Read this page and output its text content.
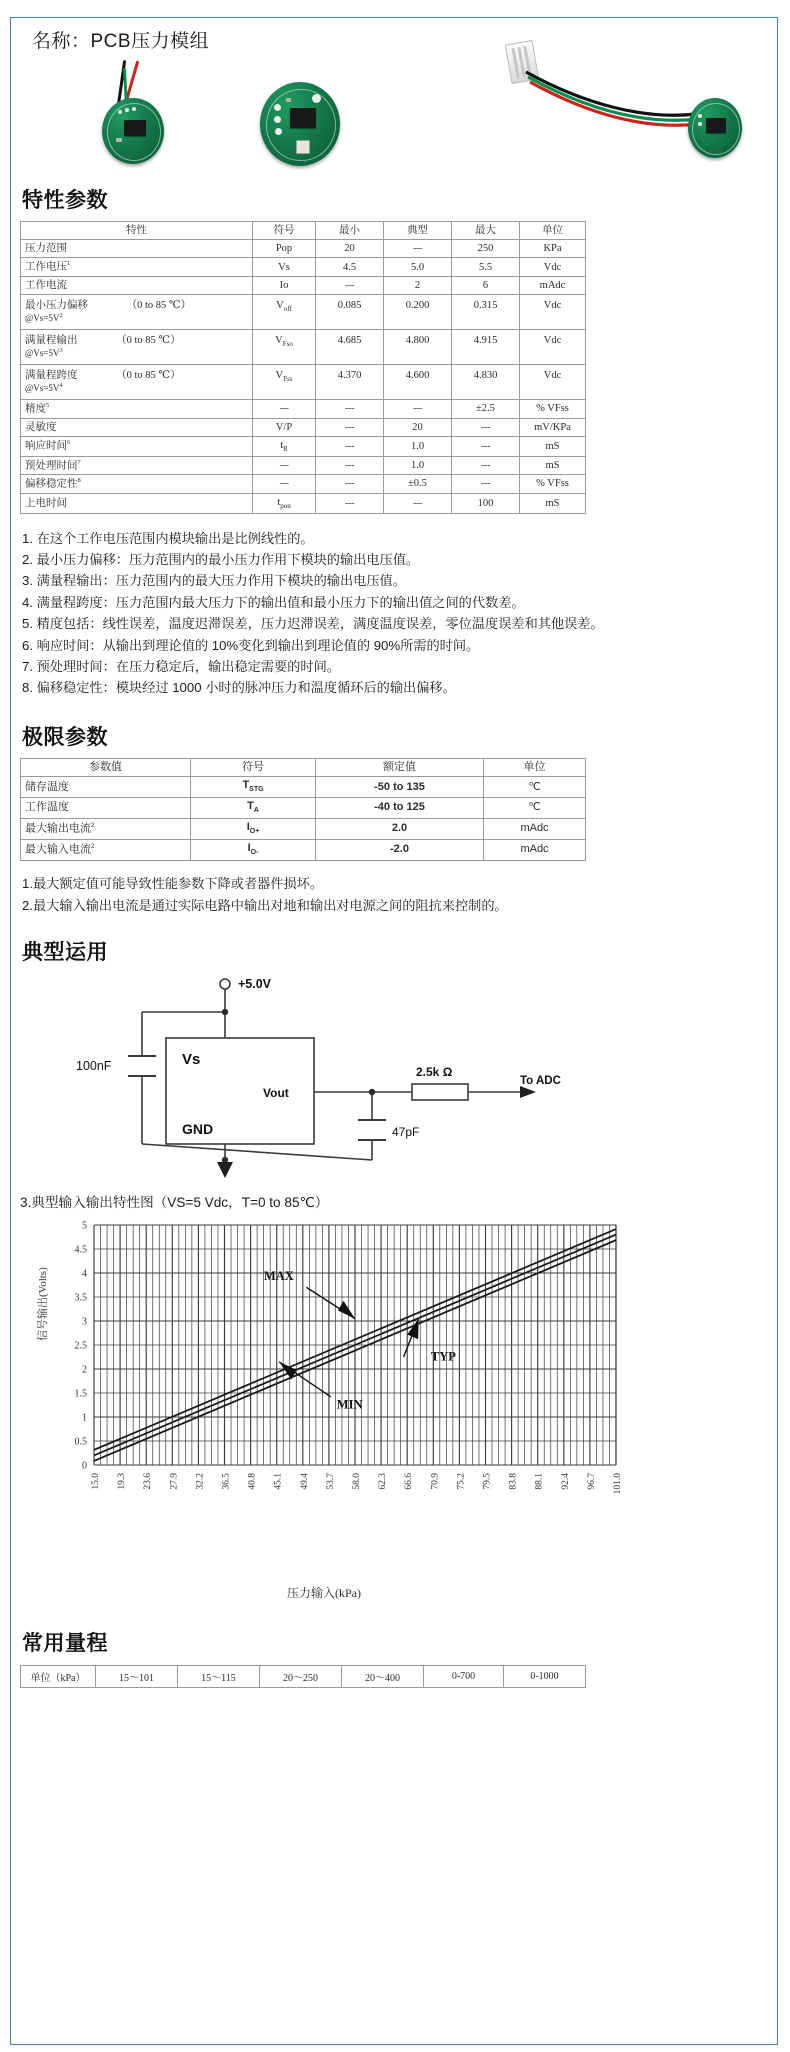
名称：PCB压力模组
特性参数
特性	符号	最小	典型	最大	单位
压力范围	Pop	20	---	250	KPa
工作电压$^1$	Vs	4.5	5.0	5.5	Vdc
工作电流	Io	---	2	6	mAdc
最小压力偏移 （0 to 85 ℃）
$@Vs=5V^2$	$V_{off}$	0.085	0.200	0.315	Vdc
满量程输出 （0 to 85 ℃）
$@Vs=5V^3$	$V_{Fso}$	4.685	4.800	4.915	Vdc
满量程跨度 （0 to 85 ℃）
$@Vs=5V^4$	$V_{Fss}$	4.370	4.600	4.830	Vdc
精度$^5$	---	---	---	±2.5	% VFss
灵敏度	V/P	---	20	---	mV/KPa
响应时间$^6$	$t_R$	---	1.0	---	mS
预处理时间$^7$	---	---	1.0	---	mS
偏移稳定性$^8$	---	---	±0.5	---	% VFss
上电时间	$t_{pon}$	---	---	100	mS

1. 在这个工作电压范围内模块输出是比例线性的。

2. 最小压力偏移：压力范围内的最小压力作用下模块的输出电压值。

3. 满量程输出：压力范围内的最大压力作用下模块的输出电压值。

4. 满量程跨度：压力范围内最大压力下的输出值和最小压力下的输出值之间的代数差。

5. 精度包括：线性误差，温度迟滞误差，压力迟滞误差，满度温度误差，零位温度误差和其他误差。

6. 响应时间：从输出到理论值的 10%变化到输出到理论值的 90%所需的时间。

7. 预处理时间：在压力稳定后，输出稳定需要的时间。

8. 偏移稳定性：模块经过 1000 小时的脉冲压力和温度循环后的输出偏移。

极限参数
参数值	符号	额定值	单位
储存温度	$T_{STG}$	-50 to 135	℃
工作温度	$T_A$	-40 to 125	℃
最大输出电流$^2$	$I_{O+}$	2.0	mAdc
最大输入电流$^2$	$I_{O-}$	-2.0	mAdc

1.最大额定值可能导致性能参数下降或者器件损坏。

2.最大输入输出电流是通过实际电路中输出对地和输出对电源之间的阻抗来控制的。

典型运用
+5.0V
100nF	Vs
GND
Vout
2.5k Ω
47pF
To ADC

3.典型输入输出特性图（VS=5 Vdc，T=0 to 85℃）

信号输出(Volts)
0
0.5
1
1.5
2
2.5
3
3.5
4
4.5
5
15.0 19.3 23.6 27.9 32.2 36.5 40.8 45.1 49.4 53.7 58.0 62.3 66.6 70.9 75.2 79.5 83.8 88.1 92.4 96.7 101.0
MAX
TYP
MIN
压力输入(kPa)
常用量程
单位（kPa）	15～101	15～115	20～250	20～400	0-700	0-1000
